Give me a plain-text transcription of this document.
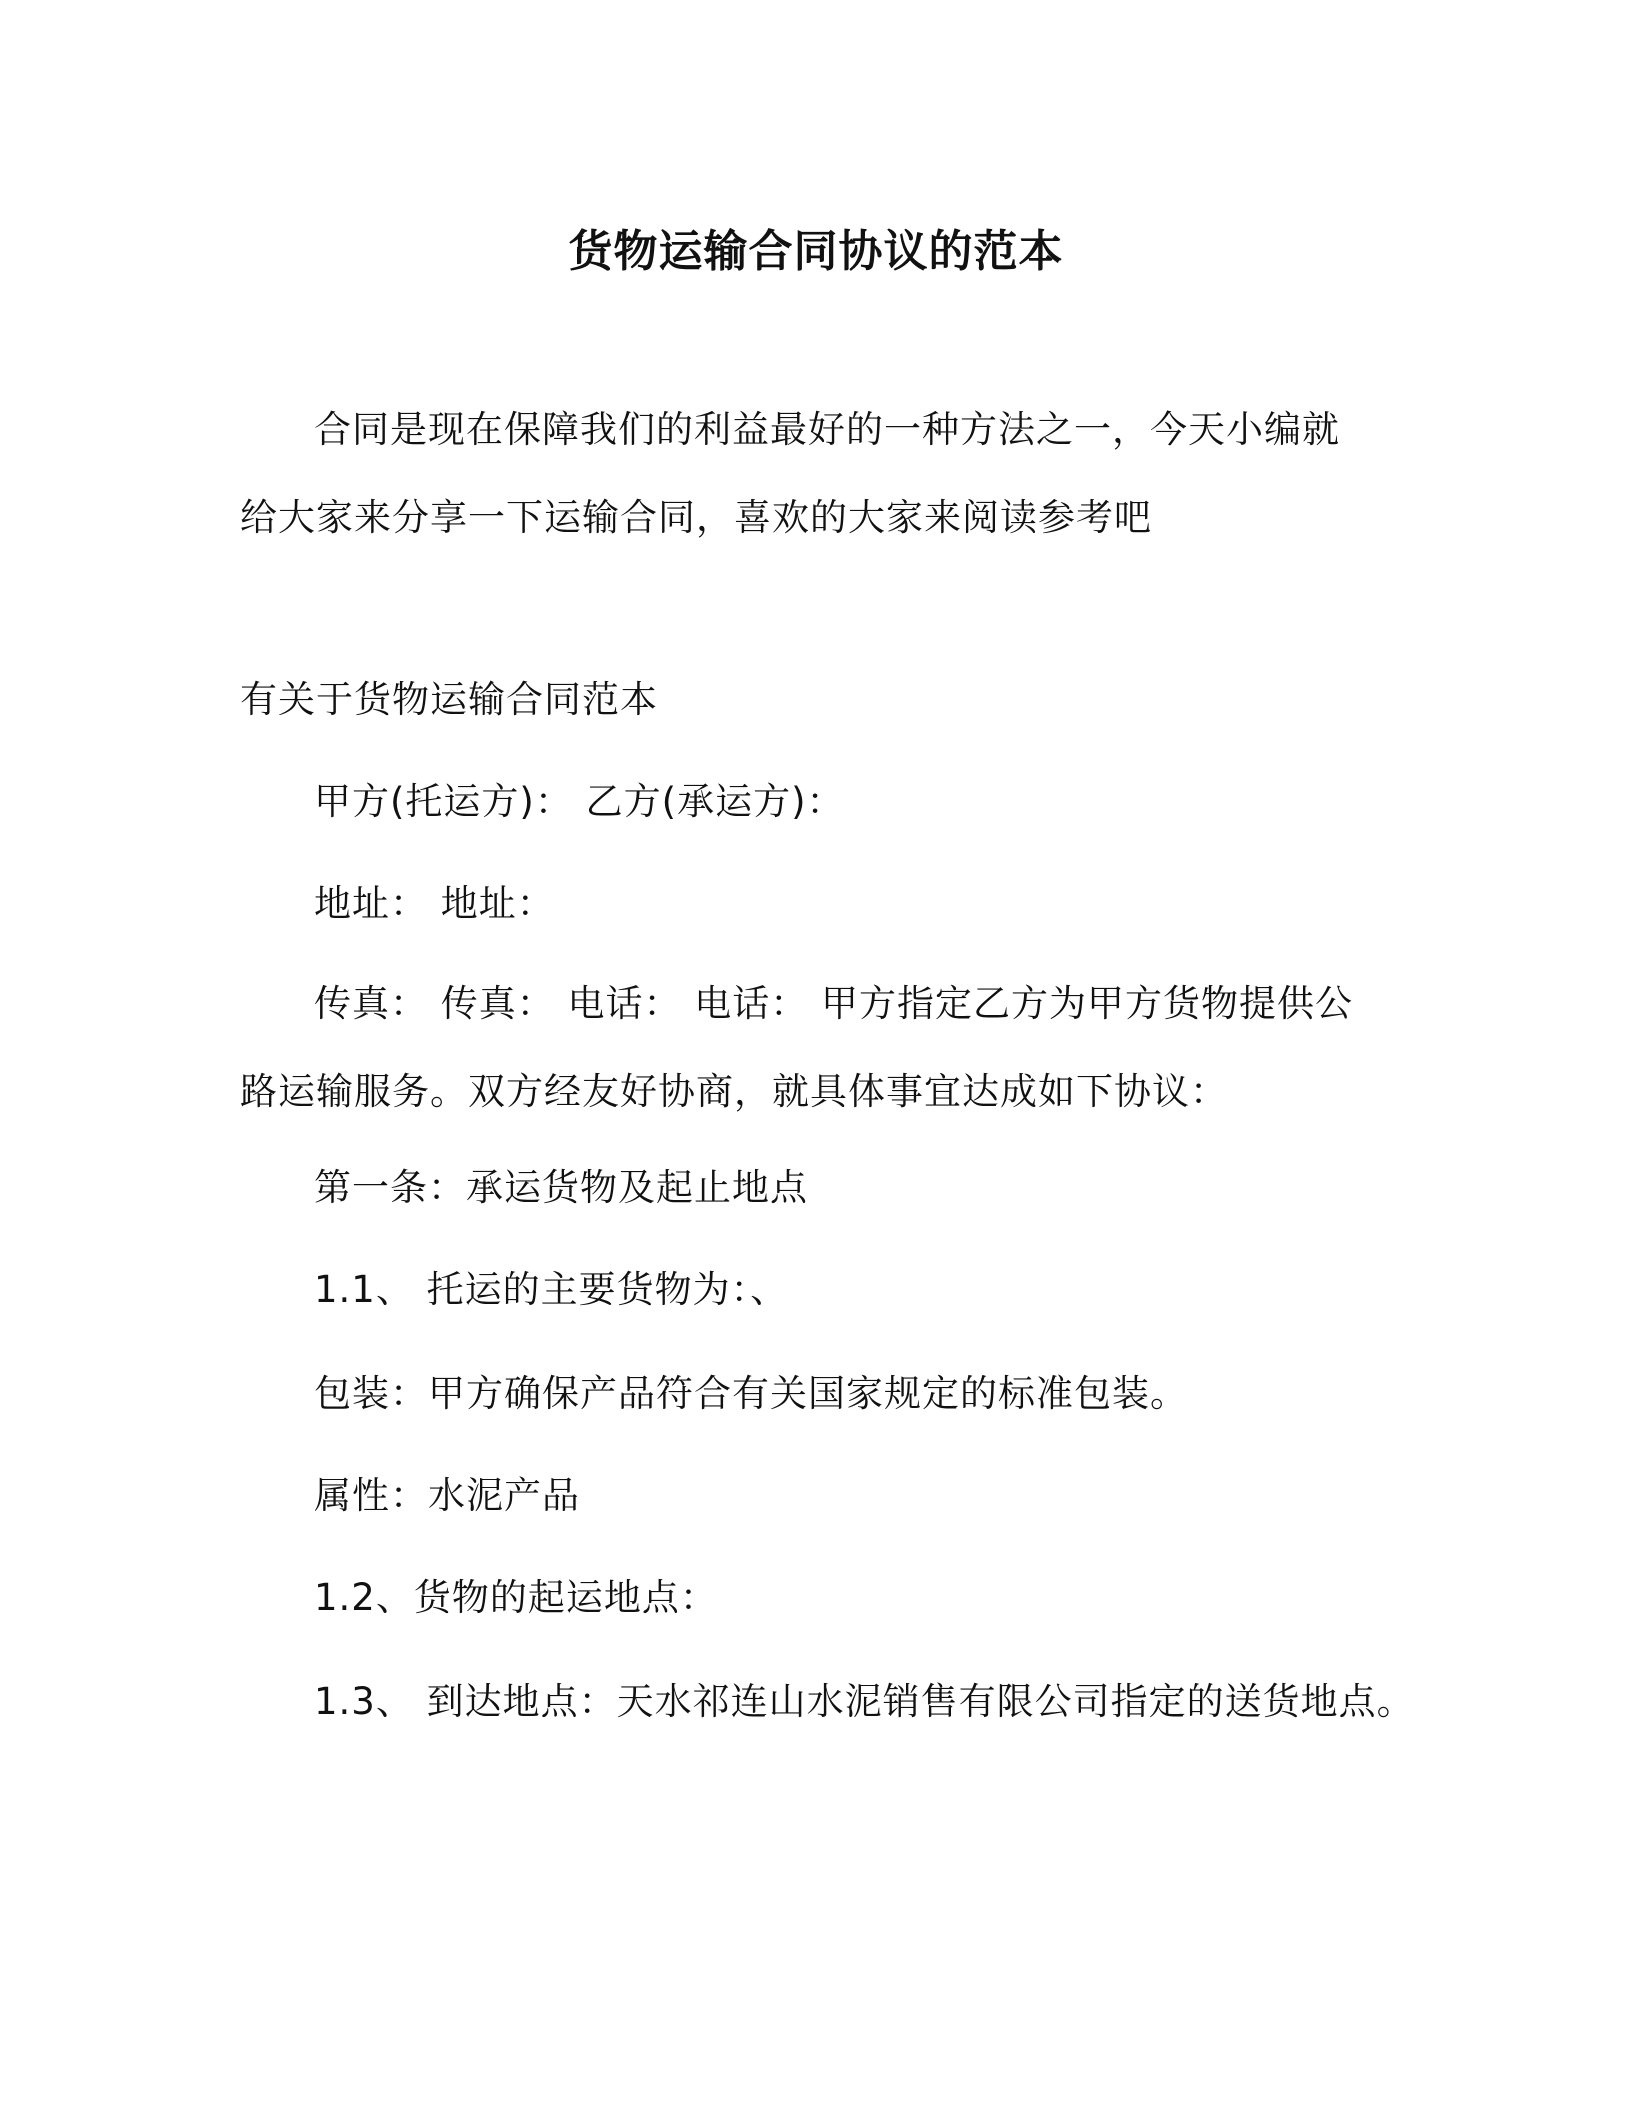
货物运输合同协议的范本

合同是现在保障我们的利益最好的一种方法之一，今天小编就给大家来分享一下运输合同，喜欢的大家来阅读参考吧

有关于货物运输合同范本
甲方(托运方)： 乙方(承运方)：
地址： 地址：

传真： 传真： 电话： 电话： 甲方指定乙方为甲方货物提供公路运输服务。双方经友好协商，就具体事宜达成如下协议：

第一条：承运货物及起止地点
1.1、 托运的主要货物为：、
包装：甲方确保产品符合有关国家规定的标准包装。
属性：水泥产品
1.2、货物的起运地点：
1.3、 到达地点：天水祁连山水泥销售有限公司指定的送货地点。
